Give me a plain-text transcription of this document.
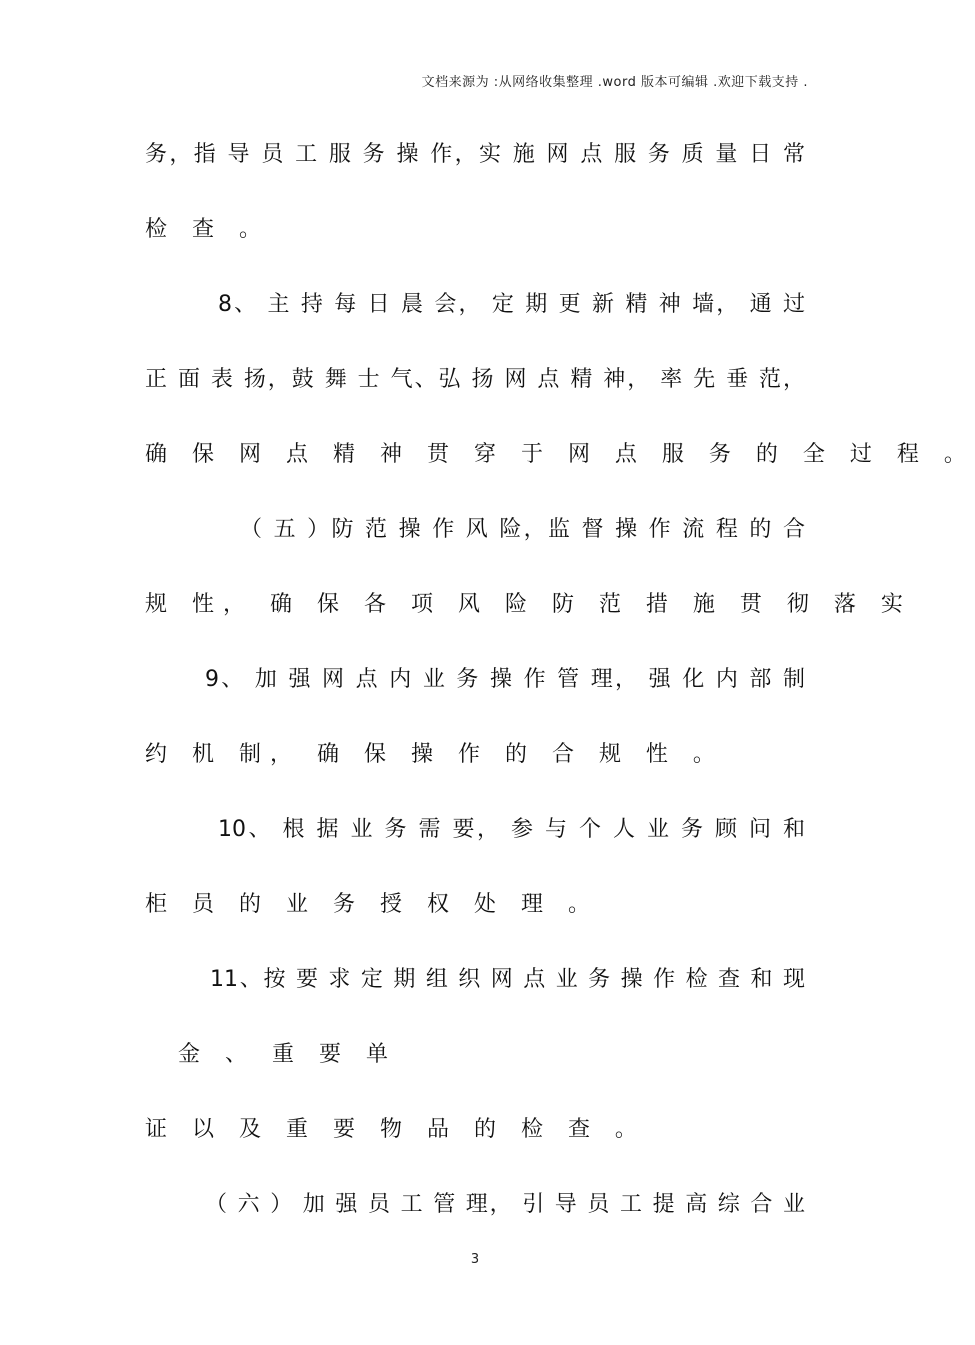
文档来源为 :从网络收集整理 .word 版本可编辑 .欢迎下载支持 .
务，指 导 员 工 服 务 操 作，实 施 网 点 服 务 质 量 日 常
检 查 。
8、 主 持 每 日 晨 会， 定 期 更 新 精 神 墙， 通 过
正 面 表 扬，鼓 舞 士 气、弘 扬 网 点 精 神， 率 先 垂 范，
确 保 网 点 精 神 贯 穿 于 网 点 服 务 的 全 过 程 。
（ 五 ）防 范 操 作 风 险，监 督 操 作 流 程 的 合
规 性， 确 保 各 项 风 险 防 范 措 施 贯 彻 落 实
9、 加 强 网 点 内 业 务 操 作 管 理， 强 化 内 部 制
约 机 制， 确 保 操 作 的 合 规 性 。
10、 根 据 业 务 需 要， 参 与 个 人 业 务 顾 问 和
柜 员 的 业 务 授 权 处 理 。
11、按 要 求 定 期 组 织 网 点 业 务 操 作 检 查 和 现
金 、 重 要 单
证 以 及 重 要 物 品 的 检 查 。
（ 六 ） 加 强 员 工 管 理， 引 导 员 工 提 高 综 合 业
3
